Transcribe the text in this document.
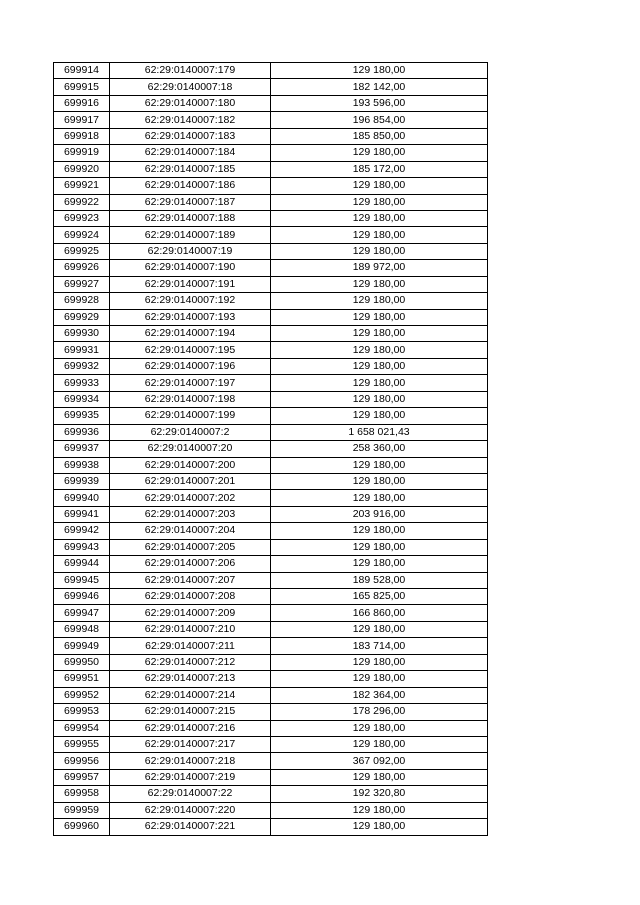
699914	62:29:0140007:179	129 180,00
699915	62:29:0140007:18	182 142,00
699916	62:29:0140007:180	193 596,00
699917	62:29:0140007:182	196 854,00
699918	62:29:0140007:183	185 850,00
699919	62:29:0140007:184	129 180,00
699920	62:29:0140007:185	185 172,00
699921	62:29:0140007:186	129 180,00
699922	62:29:0140007:187	129 180,00
699923	62:29:0140007:188	129 180,00
699924	62:29:0140007:189	129 180,00
699925	62:29:0140007:19	129 180,00
699926	62:29:0140007:190	189 972,00
699927	62:29:0140007:191	129 180,00
699928	62:29:0140007:192	129 180,00
699929	62:29:0140007:193	129 180,00
699930	62:29:0140007:194	129 180,00
699931	62:29:0140007:195	129 180,00
699932	62:29:0140007:196	129 180,00
699933	62:29:0140007:197	129 180,00
699934	62:29:0140007:198	129 180,00
699935	62:29:0140007:199	129 180,00
699936	62:29:0140007:2	1 658 021,43
699937	62:29:0140007:20	258 360,00
699938	62:29:0140007:200	129 180,00
699939	62:29:0140007:201	129 180,00
699940	62:29:0140007:202	129 180,00
699941	62:29:0140007:203	203 916,00
699942	62:29:0140007:204	129 180,00
699943	62:29:0140007:205	129 180,00
699944	62:29:0140007:206	129 180,00
699945	62:29:0140007:207	189 528,00
699946	62:29:0140007:208	165 825,00
699947	62:29:0140007:209	166 860,00
699948	62:29:0140007:210	129 180,00
699949	62:29:0140007:211	183 714,00
699950	62:29:0140007:212	129 180,00
699951	62:29:0140007:213	129 180,00
699952	62:29:0140007:214	182 364,00
699953	62:29:0140007:215	178 296,00
699954	62:29:0140007:216	129 180,00
699955	62:29:0140007:217	129 180,00
699956	62:29:0140007:218	367 092,00
699957	62:29:0140007:219	129 180,00
699958	62:29:0140007:22	192 320,80
699959	62:29:0140007:220	129 180,00
699960	62:29:0140007:221	129 180,00
